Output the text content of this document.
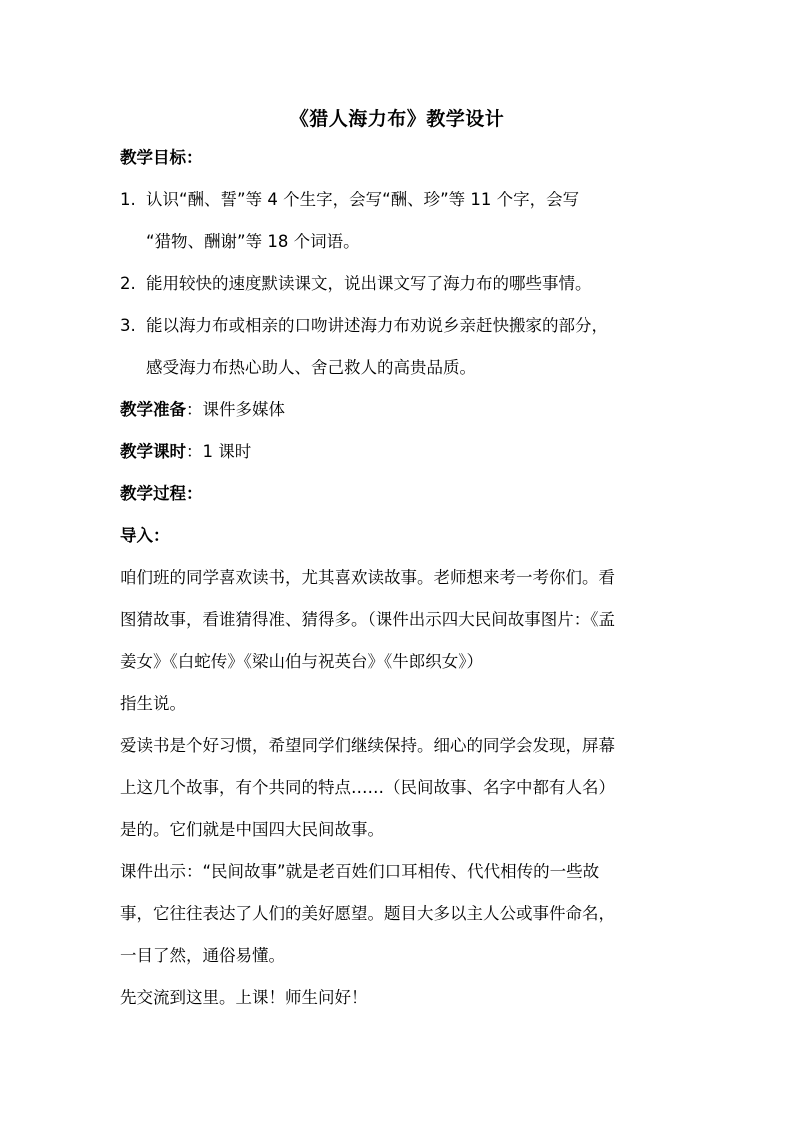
《猎人海力布》教学设计
教学目标：
1. 认识“酬、誓”等 4 个生字，会写“酬、珍”等 11 个字，会写
“猎物、酬谢”等 18 个词语。
2. 能用较快的速度默读课文，说出课文写了海力布的哪些事情。
3. 能以海力布或相亲的口吻讲述海力布劝说乡亲赶快搬家的部分，
感受海力布热心助人、舍己救人的高贵品质。
教学准备：课件多媒体
教学课时：1 课时
教学过程：
导入：
咱们班的同学喜欢读书，尤其喜欢读故事。老师想来考一考你们。看
图猜故事，看谁猜得准、猜得多。（课件出示四大民间故事图片：《孟
姜女》《白蛇传》《梁山伯与祝英台》《牛郎织女》）
指生说。
爱读书是个好习惯，希望同学们继续保持。细心的同学会发现，屏幕
上这几个故事，有个共同的特点……（民间故事、名字中都有人名）
是的。它们就是中国四大民间故事。
课件出示：“民间故事”就是老百姓们口耳相传、代代相传的一些故
事，它往往表达了人们的美好愿望。题目大多以主人公或事件命名，
一目了然，通俗易懂。
先交流到这里。上课！师生问好！
